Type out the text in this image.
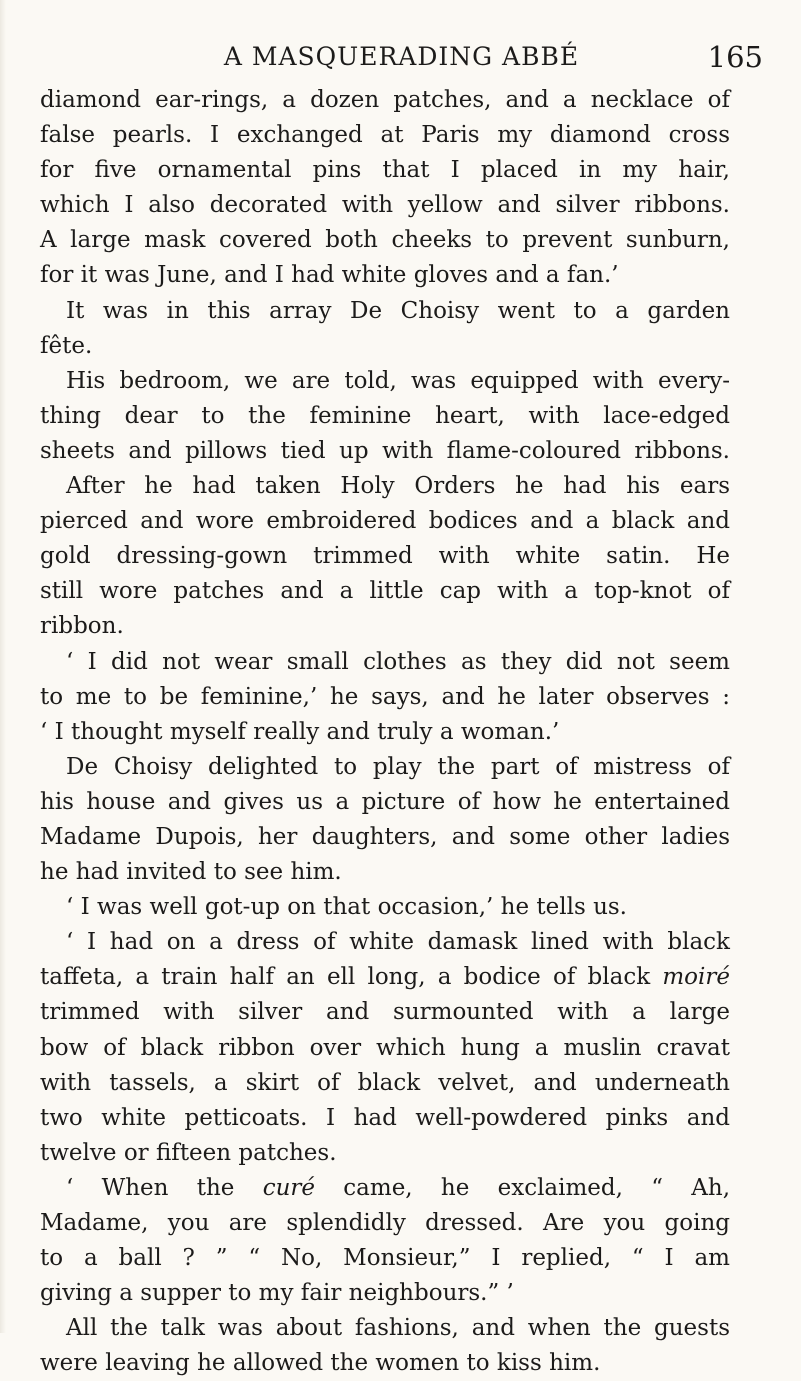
A MASQUERADING ABBÉ	165
diamond ear-rings, a dozen patches, and a necklace of
false pearls. I exchanged at Paris my diamond cross
for five ornamental pins that I placed in my hair,
which I also decorated with yellow and silver ribbons.
A large mask covered both cheeks to prevent sunburn,
for it was June, and I had white gloves and a fan.’
It was in this array De Choisy went to a garden
fête.
His bedroom, we are told, was equipped with every-
thing dear to the feminine heart, with lace-edged
sheets and pillows tied up with flame-coloured ribbons.
After he had taken Holy Orders he had his ears
pierced and wore embroidered bodices and a black and
gold dressing-gown trimmed with white satin. He
still wore patches and a little cap with a top-knot of
ribbon.
‘ I did not wear small clothes as they did not seem
to me to be feminine,’ he says, and he later observes :
‘ I thought myself really and truly a woman.’
De Choisy delighted to play the part of mistress of
his house and gives us a picture of how he entertained
Madame Dupois, her daughters, and some other ladies
he had invited to see him.
‘ I was well got-up on that occasion,’ he tells us.
‘ I had on a dress of white damask lined with black
taffeta, a train half an ell long, a bodice of black moiré
trimmed with silver and surmounted with a large
bow of black ribbon over which hung a muslin cravat
with tassels, a skirt of black velvet, and underneath
two white petticoats. I had well-powdered pinks and
twelve or fifteen patches.
‘ When the curé came, he exclaimed, “ Ah,
Madame, you are splendidly dressed. Are you going
to a ball ? ” “ No, Monsieur,” I replied, “ I am
giving a supper to my fair neighbours.” ’
All the talk was about fashions, and when the guests
were leaving he allowed the women to kiss him.
